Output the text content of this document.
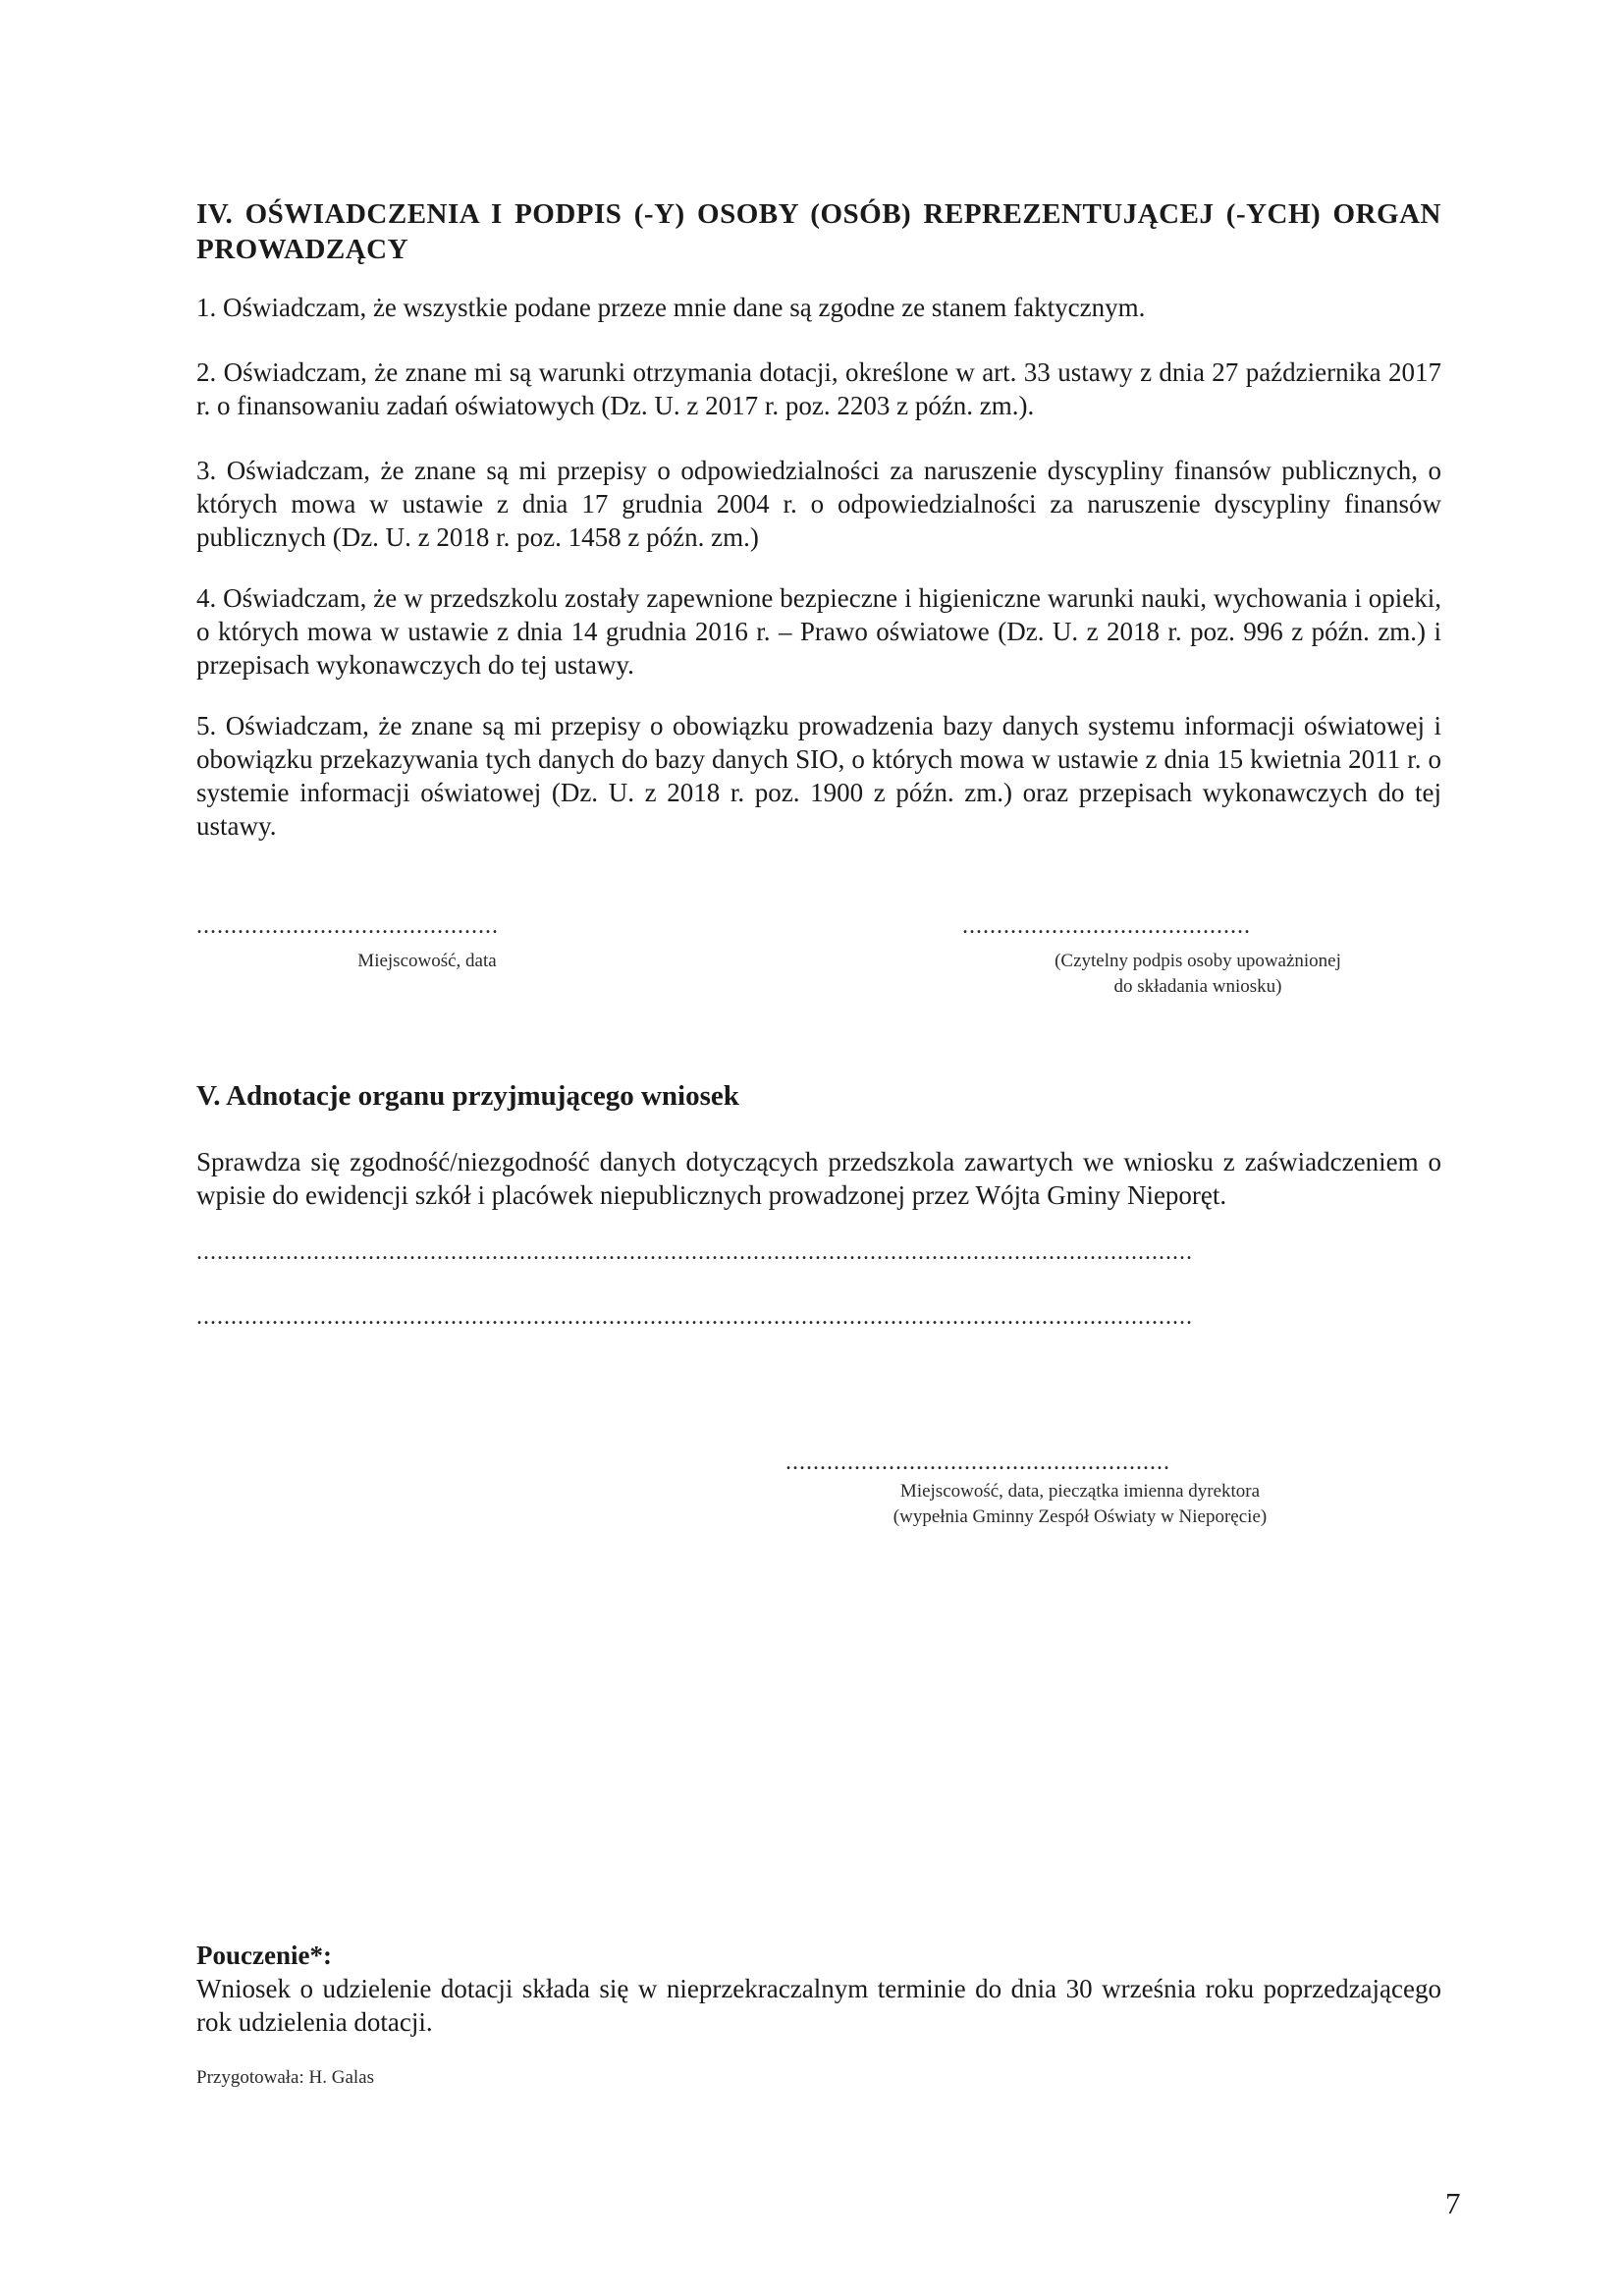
IV. OŚWIADCZENIA I PODPIS (-Y) OSOBY (OSÓB) REPREZENTUJĄCEJ (-YCH) ORGAN PROWADZĄCY

1. Oświadczam, że wszystkie podane przeze mnie dane są zgodne ze stanem faktycznym.

2. Oświadczam, że znane mi są warunki otrzymania dotacji, określone w art. 33 ustawy z dnia 27 października 2017 r. o finansowaniu zadań oświatowych (Dz. U. z 2017 r. poz. 2203 z późn. zm.).

3. Oświadczam, że znane są mi przepisy o odpowiedzialności za naruszenie dyscypliny finansów publicznych, o których mowa w ustawie z dnia 17 grudnia 2004 r. o odpowiedzialności za naruszenie dyscypliny finansów publicznych (Dz. U. z 2018 r. poz. 1458 z późn. zm.)

4. Oświadczam, że w przedszkolu zostały zapewnione bezpieczne i higieniczne warunki nauki, wychowania i opieki, o których mowa w ustawie z dnia 14 grudnia 2016 r. – Prawo oświatowe (Dz. U. z 2018 r. poz. 996 z późn. zm.) i przepisach wykonawczych do tej ustawy.

5. Oświadczam, że znane są mi przepisy o obowiązku prowadzenia bazy danych systemu informacji oświatowej i obowiązku przekazywania tych danych do bazy danych SIO, o których mowa w ustawie z dnia 15 kwietnia 2011 r. o systemie informacji oświatowej (Dz. U. z 2018 r. poz. 1900 z późn. zm.) oraz przepisach wykonawczych do tej ustawy.

............................................
Miejscowość, data
..........................................
(Czytelny podpis osoby upoważnionej
do składania wniosku)
V. Adnotacje organu przyjmującego wniosek

Sprawdza się zgodność/niezgodność danych dotyczących przedszkola zawartych we wniosku z zaświadczeniem o wpisie do ewidencji szkół i placówek niepublicznych prowadzonej przez Wójta Gminy Nieporęt.

.................................................................................................................................................
.................................................................................................................................................
........................................................
Miejscowość, data, pieczątka imienna dyrektora
(wypełnia Gminny Zespół Oświaty w Nieporęcie)
Pouczenie*:

Wniosek o udzielenie dotacji składa się w nieprzekraczalnym terminie do dnia 30 września roku poprzedzającego rok udzielenia dotacji.

Przygotowała: H. Galas
7
